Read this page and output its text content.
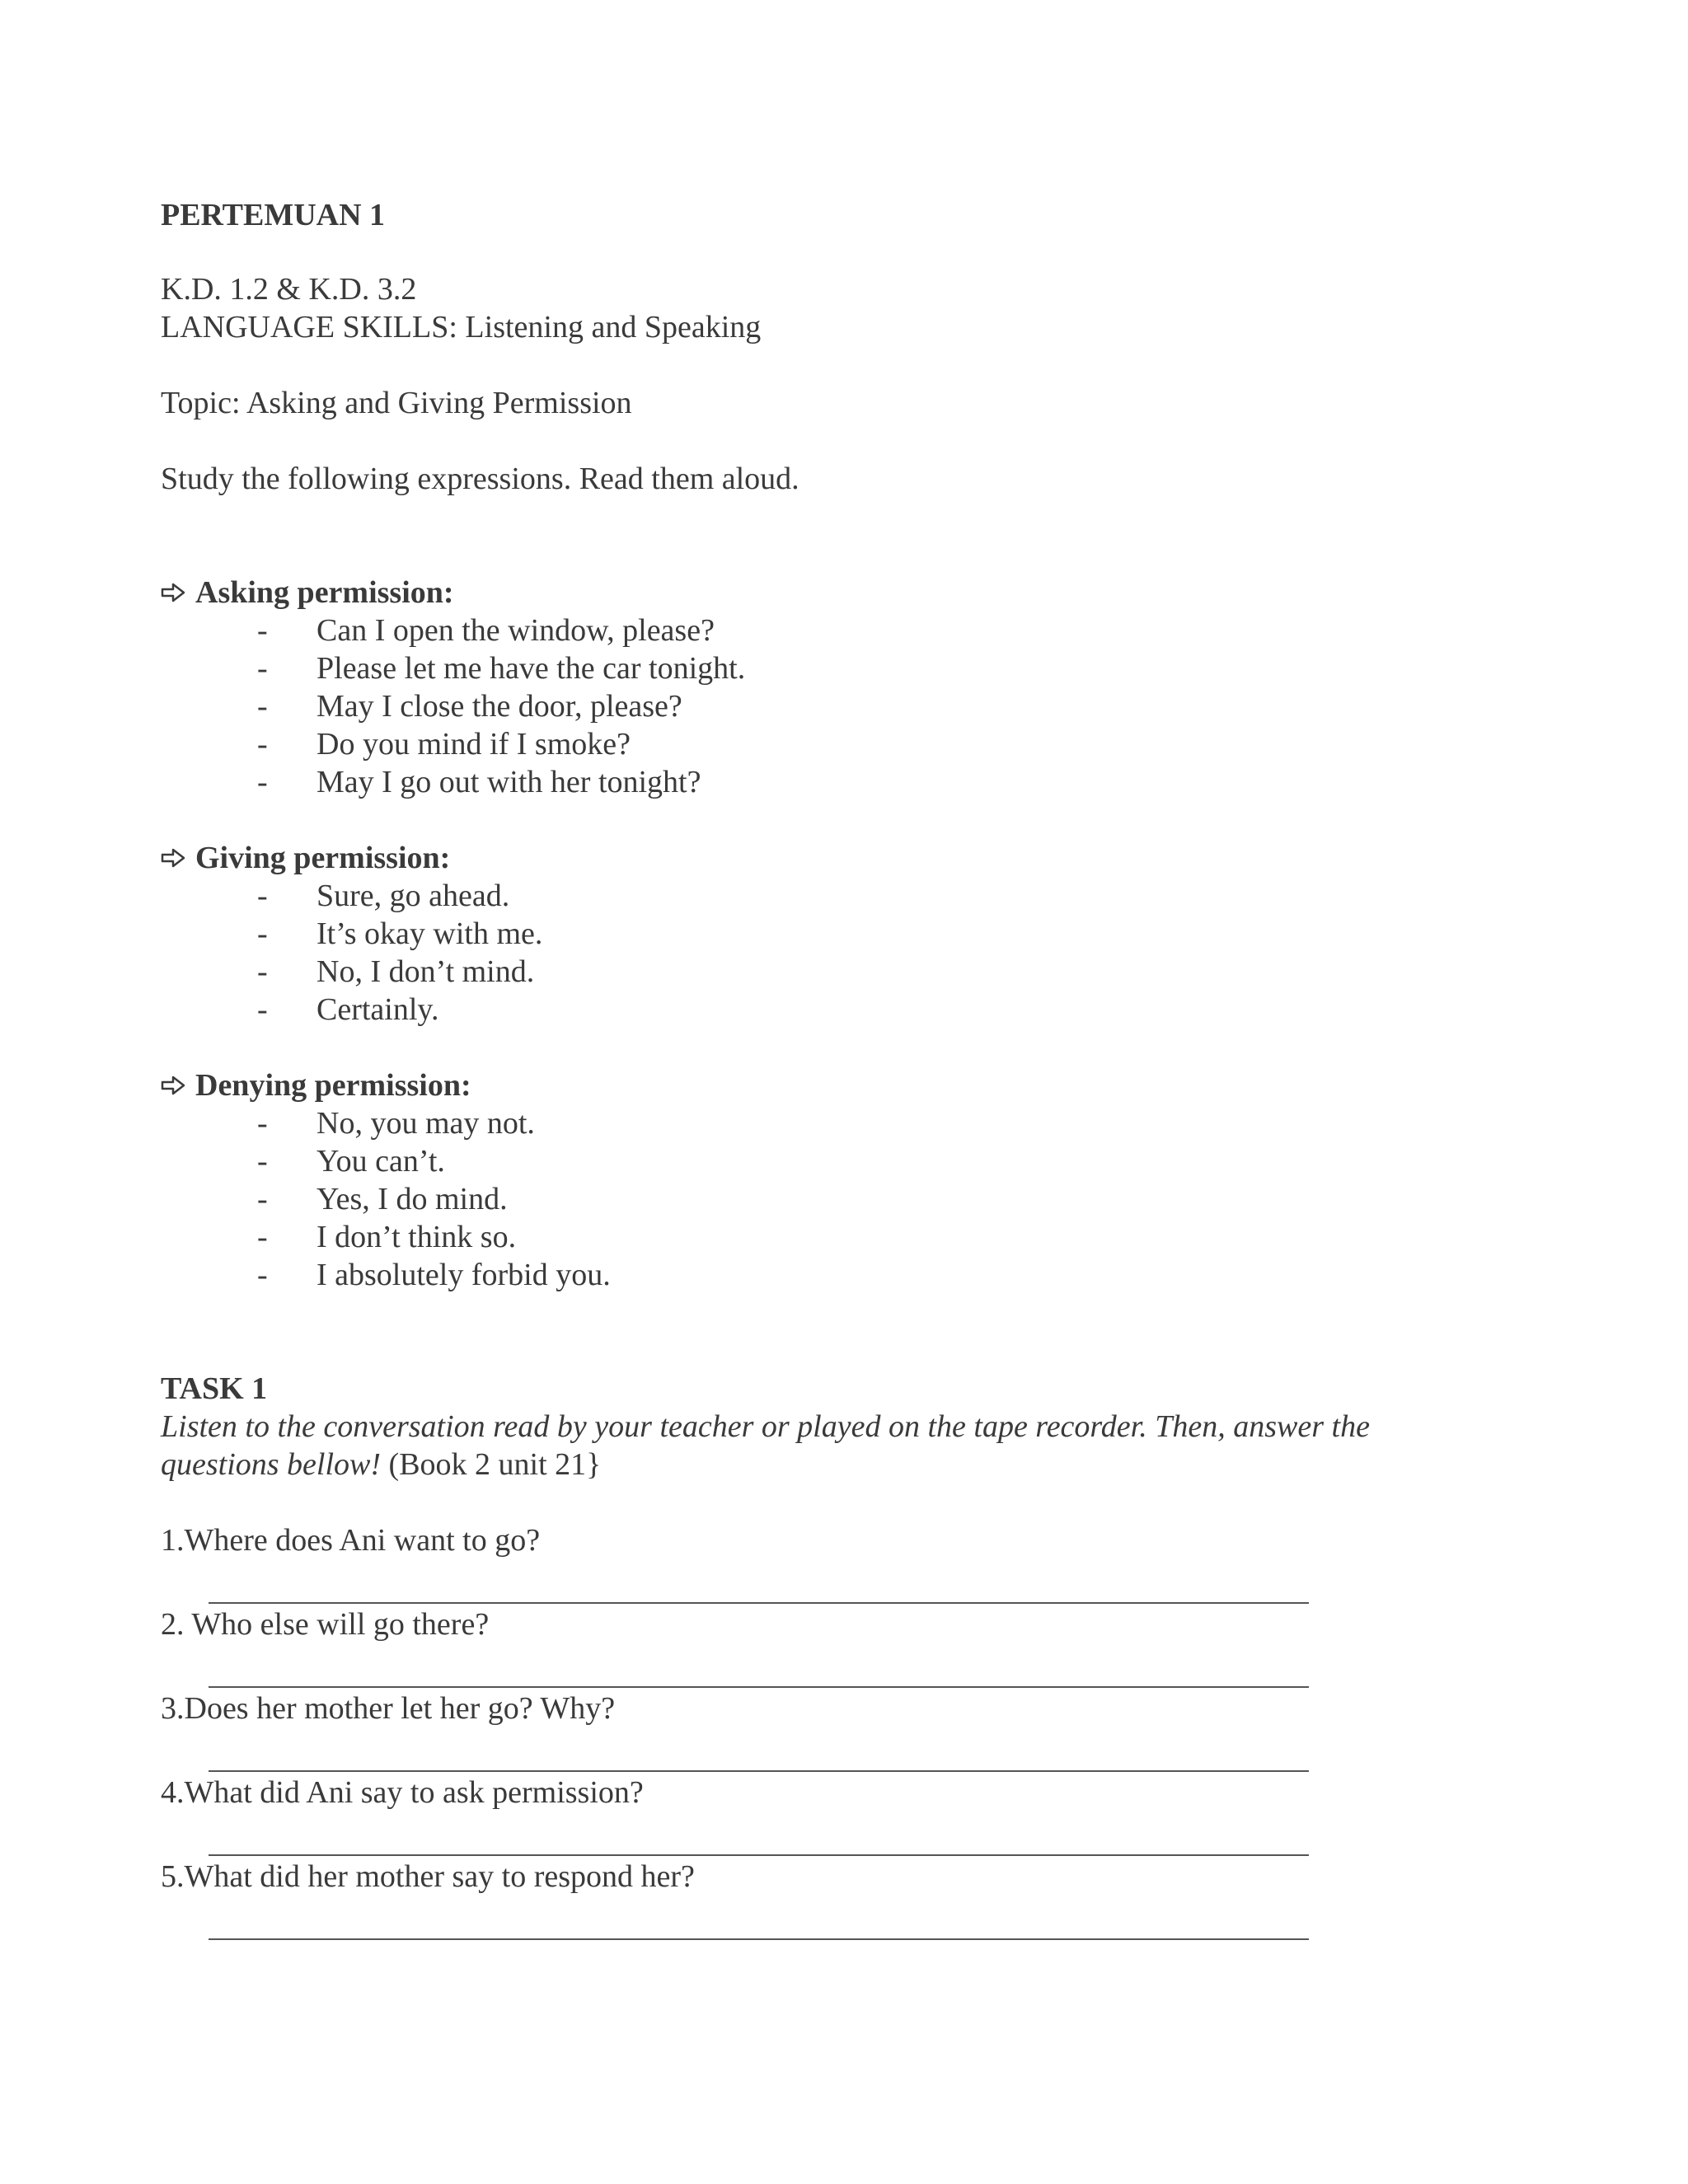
PERTEMUAN 1
K.D. 1.2 & K.D. 3.2
LANGUAGE SKILLS: Listening and Speaking
Topic: Asking and Giving Permission
Study the following expressions. Read them aloud.
Asking permission:
- Can I open the window, please?
- Please let me have the car tonight.
- May I close the door, please?
- Do you mind if I smoke?
- May I go out with her tonight?
Giving permission:
- Sure, go ahead.
- It’s okay with me.
- No, I don’t mind.
- Certainly.
Denying permission:
- No, you may not.
- You can’t.
- Yes, I do mind.
- I don’t think so.
- I absolutely forbid you.
TASK 1
Listen to the conversation read by your teacher or played on the tape recorder. Then, answer the
questions bellow! (Book 2 unit 21}
1.Where does Ani want to go?
2. Who else will go there?
3.Does her mother let her go? Why?
4.What did Ani say to ask permission?
5.What did her mother say to respond her?
